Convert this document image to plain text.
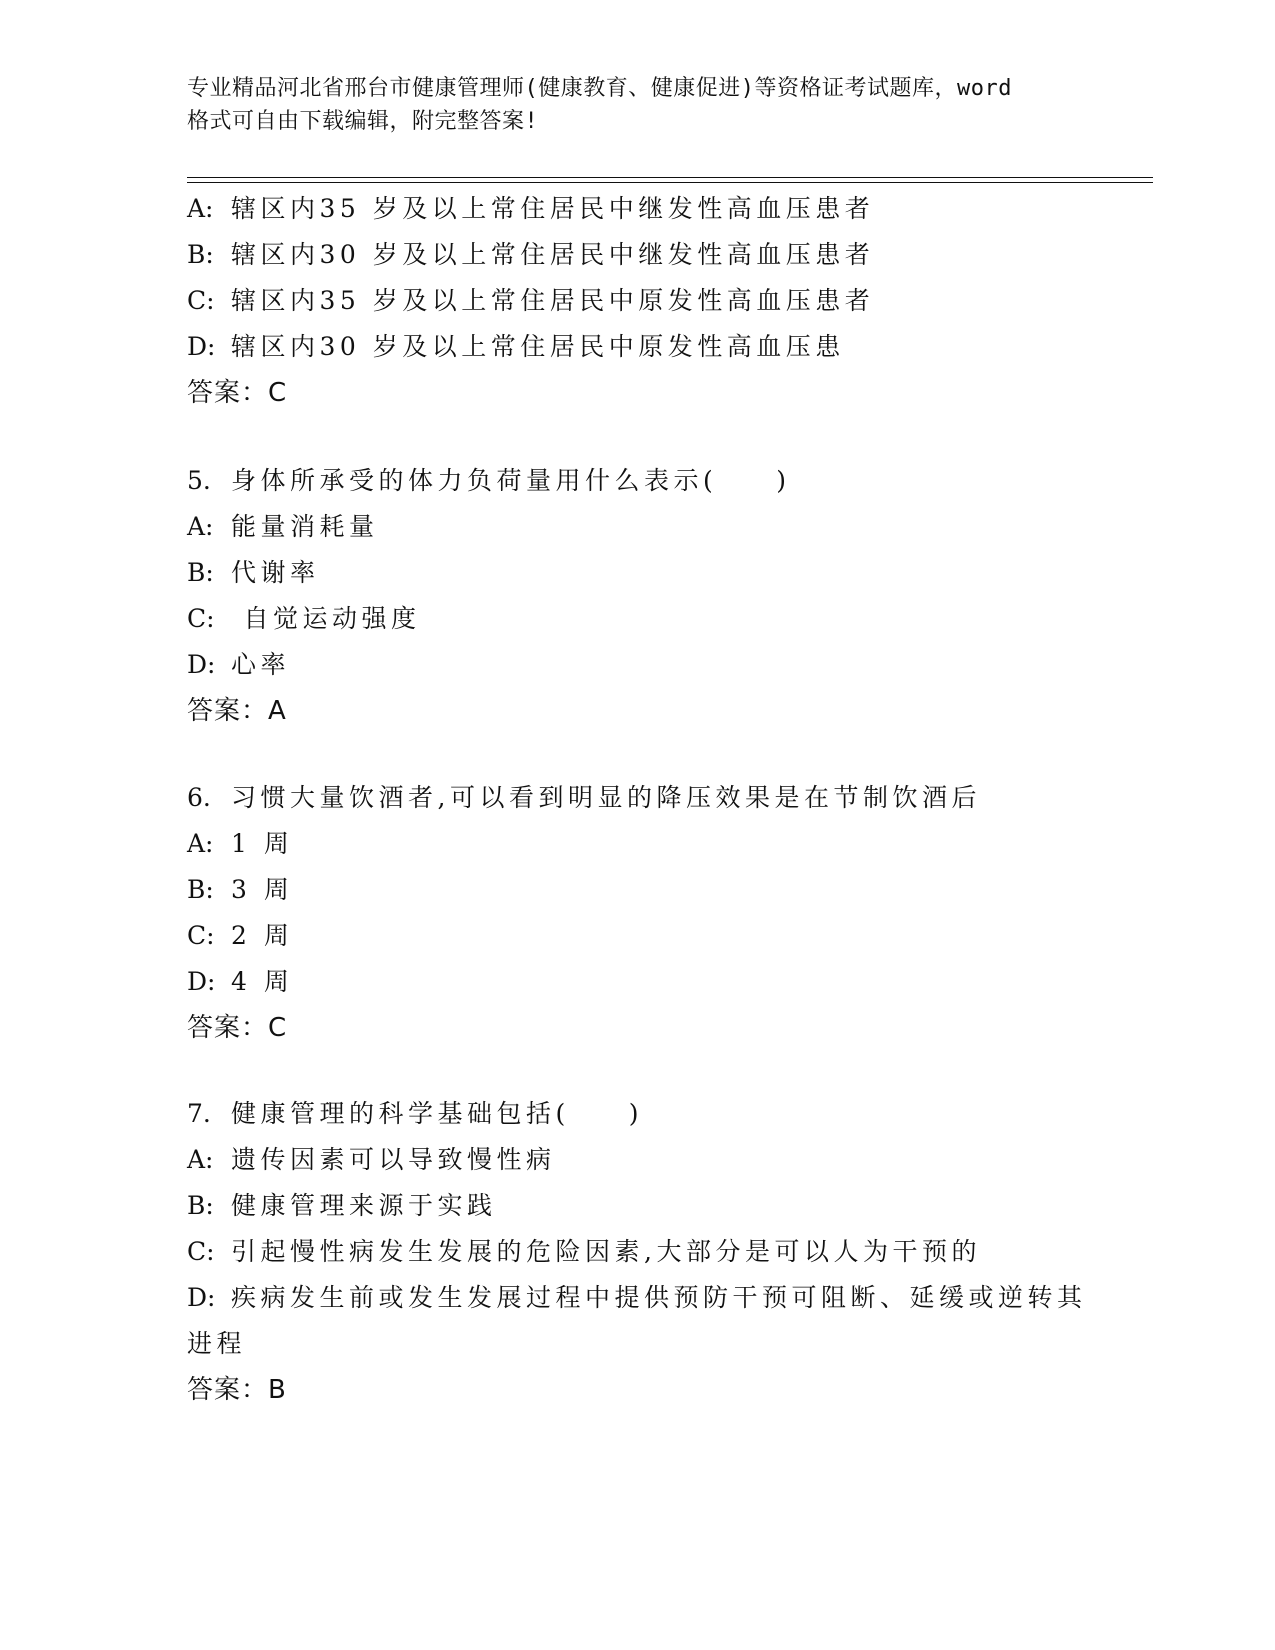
专业精品河北省邢台市健康管理师(健康教育、健康促进)等资格证考试题库，word
格式可自由下载编辑，附完整答案!
A: 辖区内35 岁及以上常住居民中继发性高血压患者
B: 辖区内30 岁及以上常住居民中继发性高血压患者
C: 辖区内35 岁及以上常住居民中原发性高血压患者
D: 辖区内30 岁及以上常住居民中原发性高血压患
答案：C
5. 身体所承受的体力负荷量用什么表示(　　)
A: 能量消耗量
B: 代谢率
C: 自觉运动强度
D: 心率
答案：A
6. 习惯大量饮酒者,可以看到明显的降压效果是在节制饮酒后
A: 1 周
B: 3 周
C: 2 周
D: 4 周
答案：C
7. 健康管理的科学基础包括(　　)
A: 遗传因素可以导致慢性病
B: 健康管理来源于实践
C: 引起慢性病发生发展的危险因素,大部分是可以人为干预的
D: 疾病发生前或发生发展过程中提供预防干预可阻断、延缓或逆转其
进程
答案：B
